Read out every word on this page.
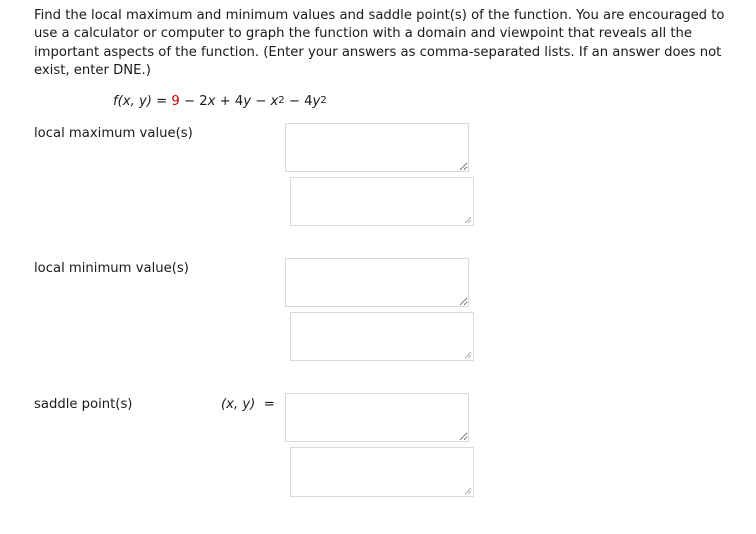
Find the local maximum and minimum values and saddle point(s) of the function. You are encouraged to use a calculator or computer to graph the function with a domain and viewpoint that reveals all the important aspects of the function. (Enter your answers as comma-separated lists. If an answer does not exist, enter DNE.)
f(x, $y) = 9 - 2x + 4y - x^2 - 4y^2$
local maximum value(s)
local minimum value(s)
saddle point(s)	(x, y) =
